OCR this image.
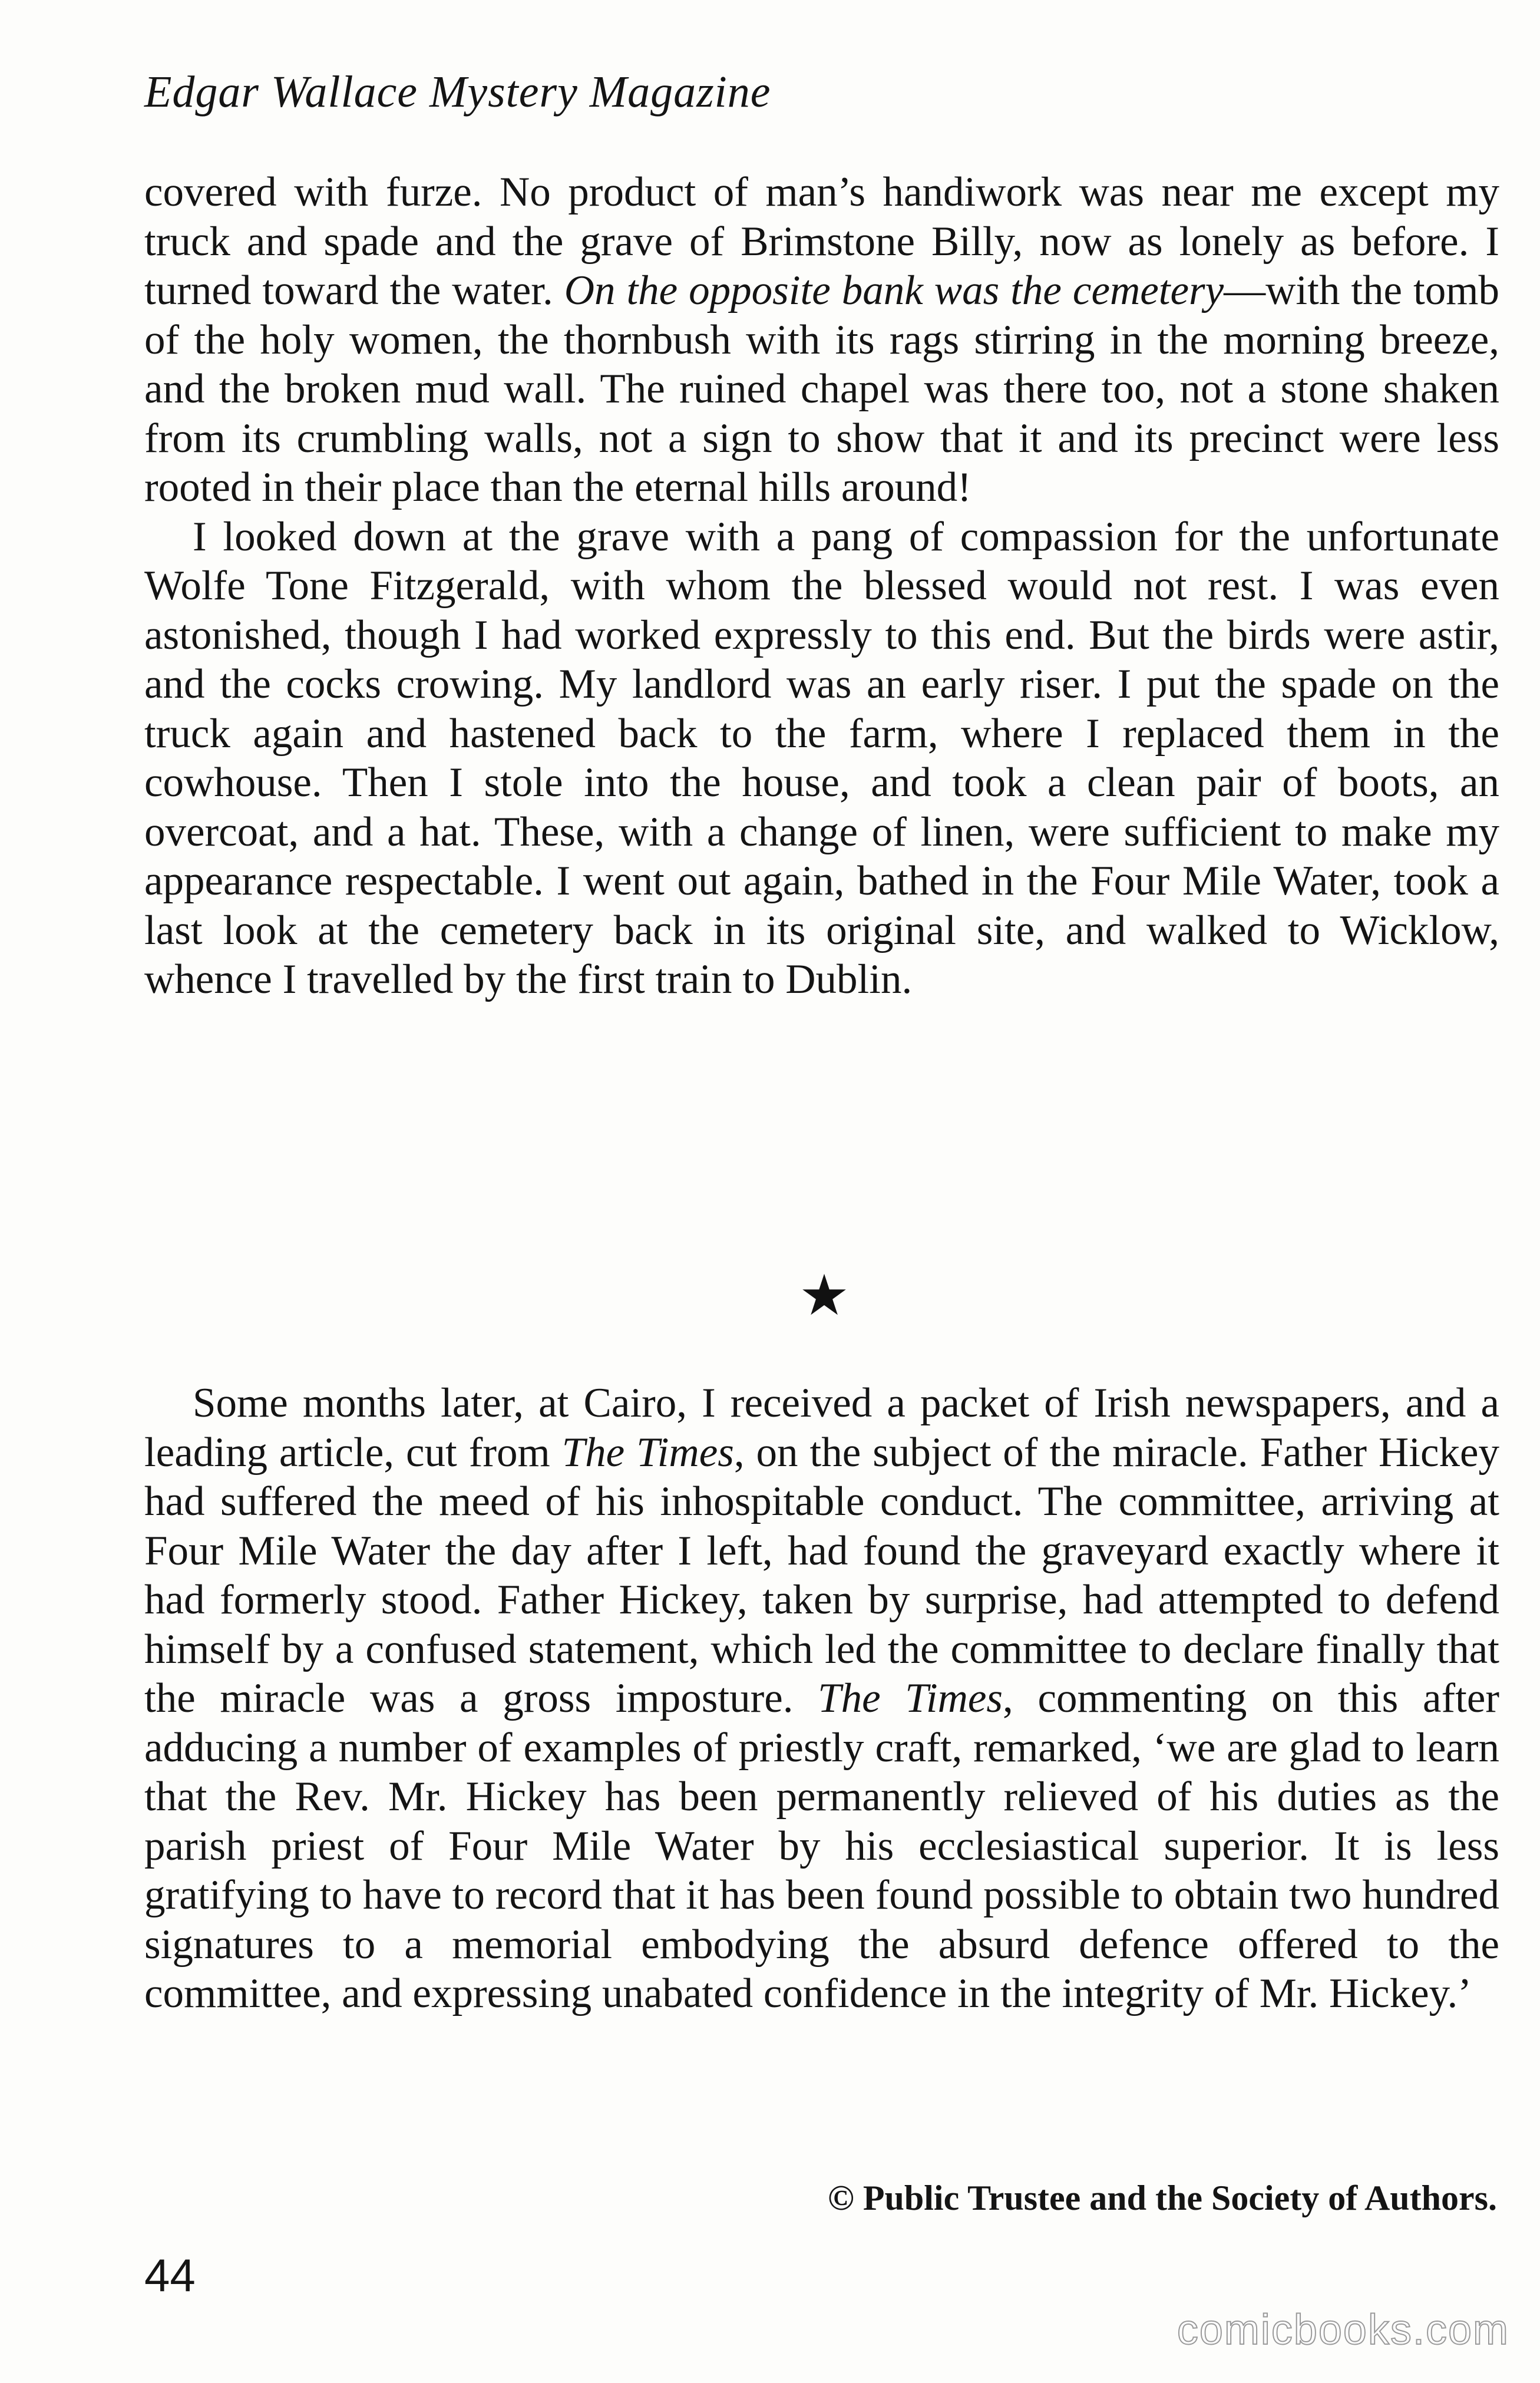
Edgar Wallace Mystery Magazine

covered with furze. No product of man’s handiwork was near me except my truck and spade and the grave of Brimstone Billy, now as lonely as before. I turned toward the water. On the opposite bank was the cemetery—with the tomb of the holy women, the thornbush with its rags stirring in the morning breeze, and the broken mud wall. The ruined chapel was there too, not a stone shaken from its crumbling walls, not a sign to show that it and its precinct were less rooted in their place than the eternal hills around!

I looked down at the grave with a pang of compassion for the unfortunate Wolfe Tone Fitzgerald, with whom the blessed would not rest. I was even astonished, though I had worked expressly to this end. But the birds were astir, and the cocks crowing. My landlord was an early riser. I put the spade on the truck again and hastened back to the farm, where I replaced them in the cowhouse. Then I stole into the house, and took a clean pair of boots, an overcoat, and a hat. These, with a change of linen, were sufficient to make my appearance respectable. I went out again, bathed in the Four Mile Water, took a last look at the cemetery back in its original site, and walked to Wicklow, whence I travelled by the first train to Dublin.

★

Some months later, at Cairo, I received a packet of Irish newspapers, and a leading article, cut from The Times, on the subject of the miracle. Father Hickey had suffered the meed of his inhospitable conduct. The committee, arriving at Four Mile Water the day after I left, had found the graveyard exactly where it had formerly stood. Father Hickey, taken by surprise, had attempted to defend himself by a confused statement, which led the committee to declare finally that the miracle was a gross imposture. The Times, commenting on this after adducing a number of examples of priestly craft, remarked, ‘we are glad to learn that the Rev. Mr. Hickey has been permanently relieved of his duties as the parish priest of Four Mile Water by his ecclesiastical superior. It is less gratifying to have to record that it has been found possible to obtain two hundred signatures to a memorial embodying the absurd defence offered to the committee, and expressing unabated confidence in the integrity of Mr. Hickey.’

© Public Trustee and the Society of Authors.
44
comicbooks.com
